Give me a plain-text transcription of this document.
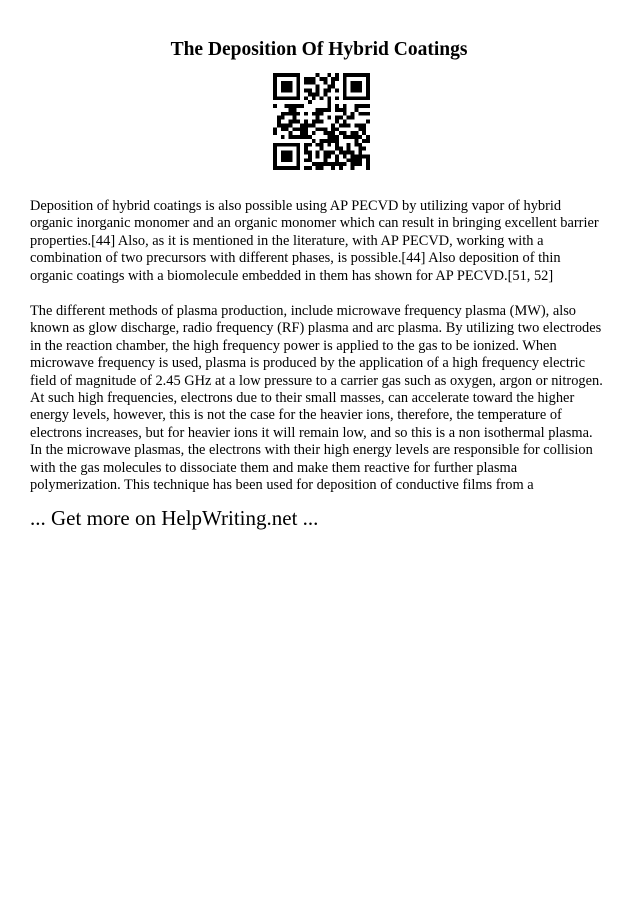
The Deposition Of Hybrid Coatings

Deposition of hybrid coatings is also possible using AP PECVD by utilizing vapor of hybrid
organic inorganic monomer and an organic monomer which can result in bringing excellent barrier
properties.[44] Also, as it is mentioned in the literature, with AP PECVD, working with a
combination of two precursors with different phases, is possible.[44] Also deposition of thin
organic coatings with a biomolecule embedded in them has shown for AP PECVD.[51, 52]

The different methods of plasma production, include microwave frequency plasma (MW), also
known as glow discharge, radio frequency (RF) plasma and arc plasma. By utilizing two electrodes
in the reaction chamber, the high frequency power is applied to the gas to be ionized. When
microwave frequency is used, plasma is produced by the application of a high frequency electric
field of magnitude of 2.45 GHz at a low pressure to a carrier gas such as oxygen, argon or nitrogen.
At such high frequencies, electrons due to their small masses, can accelerate toward the higher
energy levels, however, this is not the case for the heavier ions, therefore, the temperature of
electrons increases, but for heavier ions it will remain low, and so this is a non isothermal plasma.
In the microwave plasmas, the electrons with their high energy levels are responsible for collision
with the gas molecules to dissociate them and make them reactive for further plasma
polymerization. This technique has been used for deposition of conductive films from a

... Get more on HelpWriting.net ...
